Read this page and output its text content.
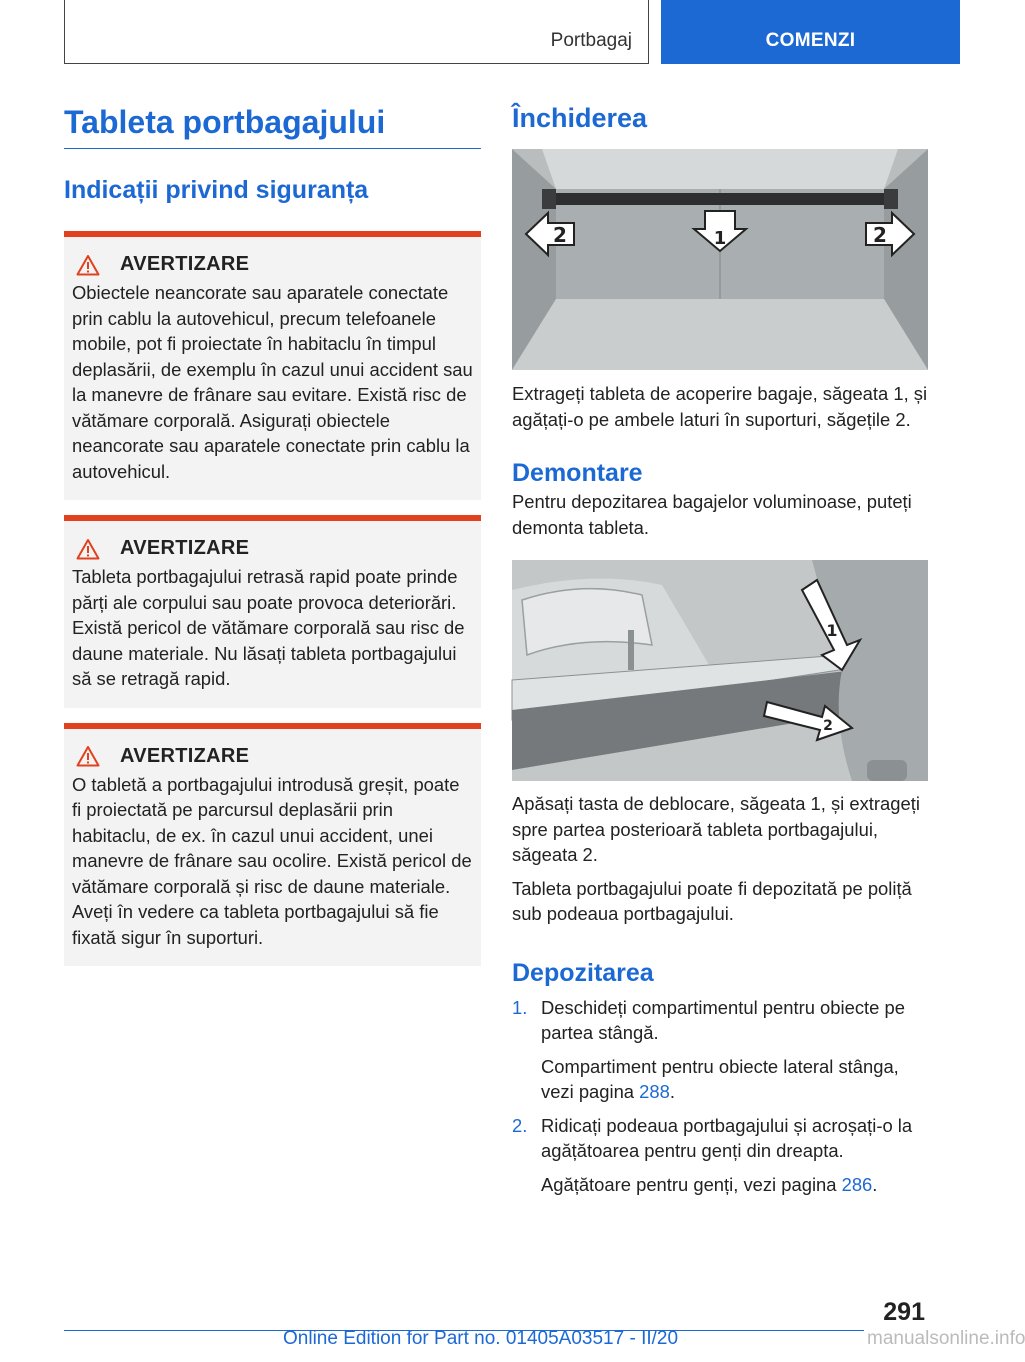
Portbagaj	COMENZI
Tableta portbagajului
Indicații privind siguranța
AVERTIZARE
Obiectele neancorate sau aparatele conectate prin cablu la autovehicul, precum telefoanele mobile, pot fi proiectate în habitaclu în timpul deplasării, de exemplu în cazul unui accident sau la manevre de frânare sau evitare. Există risc de vătămare corporală. Asigurați obiectele neancorate sau aparatele conectate prin cablu la autovehicul.
AVERTIZARE
Tableta portbagajului retrasă rapid poate prinde părți ale corpului sau poate provoca deteriorări. Există pericol de vătămare corporală sau risc de daune materiale. Nu lăsați tableta portbagajului să se retragă rapid.
AVERTIZARE
O tabletă a portbagajului introdusă greșit, poate fi proiectată pe parcursul deplasării prin habitaclu, de ex. în cazul unui accident, unei manevre de frânare sau ocolire. Există pericol de vătămare corporală și risc de daune materiale. Aveți în vedere ca tableta portbagajului să fie fixată sigur în suporturi.
Închiderea
1
2	2
Extrageți tableta de acoperire bagaje, săgeata 1, și agățați-o pe ambele laturi în suporturi, săgețile 2.
Demontare
Pentru depozitarea bagajelor voluminoase, puteți demonta tableta.
1
2
Apăsați tasta de deblocare, săgeata 1, și extrageți spre partea posterioară tableta portbagajului, săgeata 2.
Tableta portbagajului poate fi depozitată pe poliță sub podeaua portbagajului.
Depozitarea
1. Deschideți compartimentul pentru obiecte pe partea stângă.
Compartiment pentru obiecte lateral stânga, vezi pagina 288.
2. Ridicați podeaua portbagajului și acroșați-o la agățătoarea pentru genți din dreapta.
Agățătoare pentru genți, vezi pagina 286.
291
Online Edition for Part no. 01405A03517 - II/20	manualsonline.info
